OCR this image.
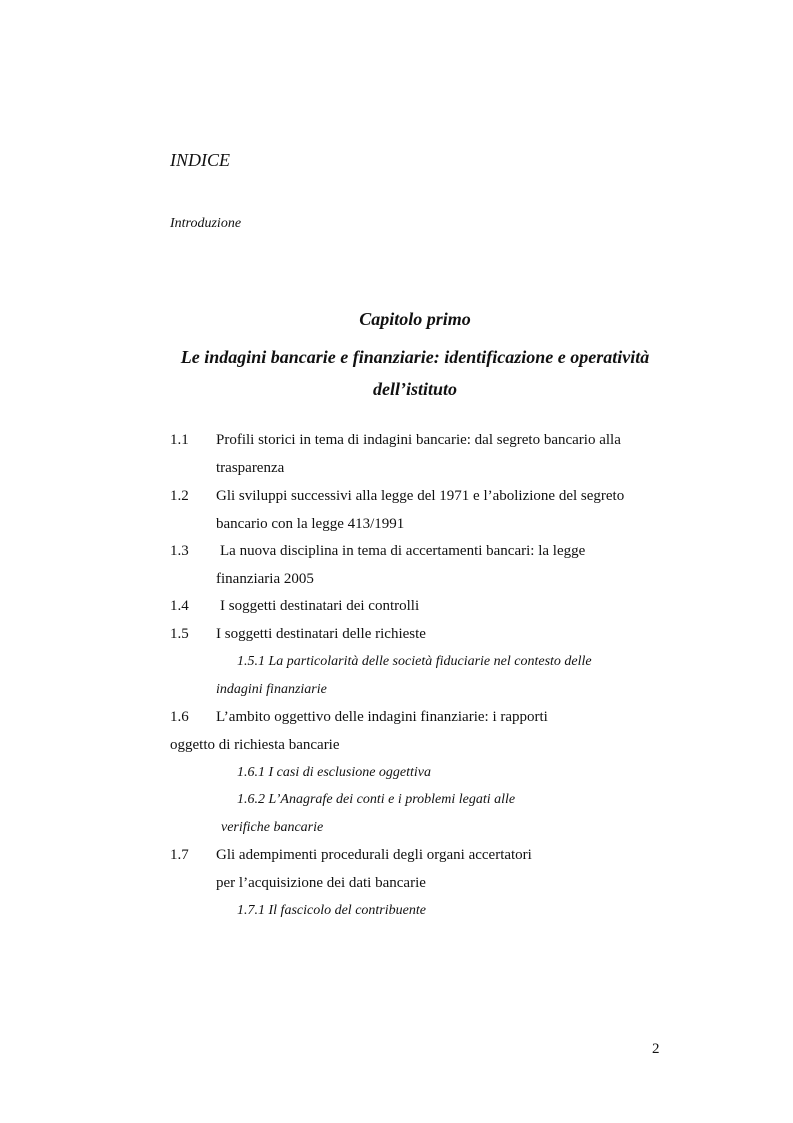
INDICE

Introduzione

Capitolo primo

Le indagini bancarie e finanziarie: identificazione e operatività dell’istituto

1.1 Profili storici in tema di indagini bancarie: dal segreto bancario alla
trasparenza
1.2 Gli sviluppi successivi alla legge del 1971 e l’abolizione del segreto
bancario con la legge 413/1991
1.3 La nuova disciplina in tema di accertamenti bancari: la legge
finanziaria 2005
1.4 I soggetti destinatari dei controlli
1.5 I soggetti destinatari delle richieste
1.5.1 La particolarità delle società fiduciarie nel contesto delle
indagini finanziarie
1.6 L’ambito oggettivo delle indagini finanziarie: i rapporti
oggetto di richiesta bancarie
1.6.1 I casi di esclusione oggettiva
1.6.2 L’Anagrafe dei conti e i problemi legati alle
verifiche bancarie
1.7 Gli adempimenti procedurali degli organi accertatori
per l’acquisizione dei dati bancarie
1.7.1 Il fascicolo del contribuente
2
